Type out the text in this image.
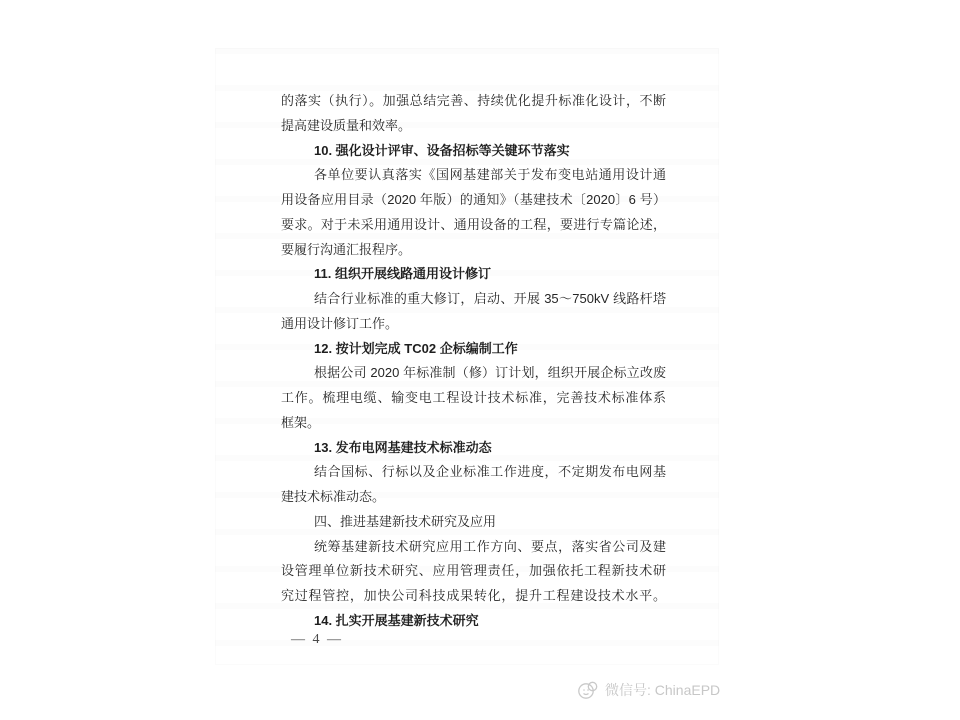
的落实（执行）。加强总结完善、持续优化提升标准化设计，不断
提高建设质量和效率。
10. 强化设计评审、设备招标等关键环节落实
各单位要认真落实《国网基建部关于发布变电站通用设计通
用设备应用目录（2020 年版）的通知》（基建技术〔2020〕6 号）
要求。对于未采用通用设计、通用设备的工程，要进行专篇论述，
要履行沟通汇报程序。
11. 组织开展线路通用设计修订
结合行业标准的重大修订，启动、开展 35～750kV 线路杆塔
通用设计修订工作。
12. 按计划完成 TC02 企标编制工作
根据公司 2020 年标准制（修）订计划，组织开展企标立改废
工作。梳理电缆、输变电工程设计技术标准，完善技术标准体系
框架。
13. 发布电网基建技术标准动态
结合国标、行标以及企业标准工作进度，不定期发布电网基
建技术标准动态。
四、推进基建新技术研究及应用
统筹基建新技术研究应用工作方向、要点，落实省公司及建
设管理单位新技术研究、应用管理责任，加强依托工程新技术研
究过程管控，加快公司科技成果转化，提升工程建设技术水平。
14. 扎实开展基建新技术研究
— 4 —
微信号: ChinaEPD
